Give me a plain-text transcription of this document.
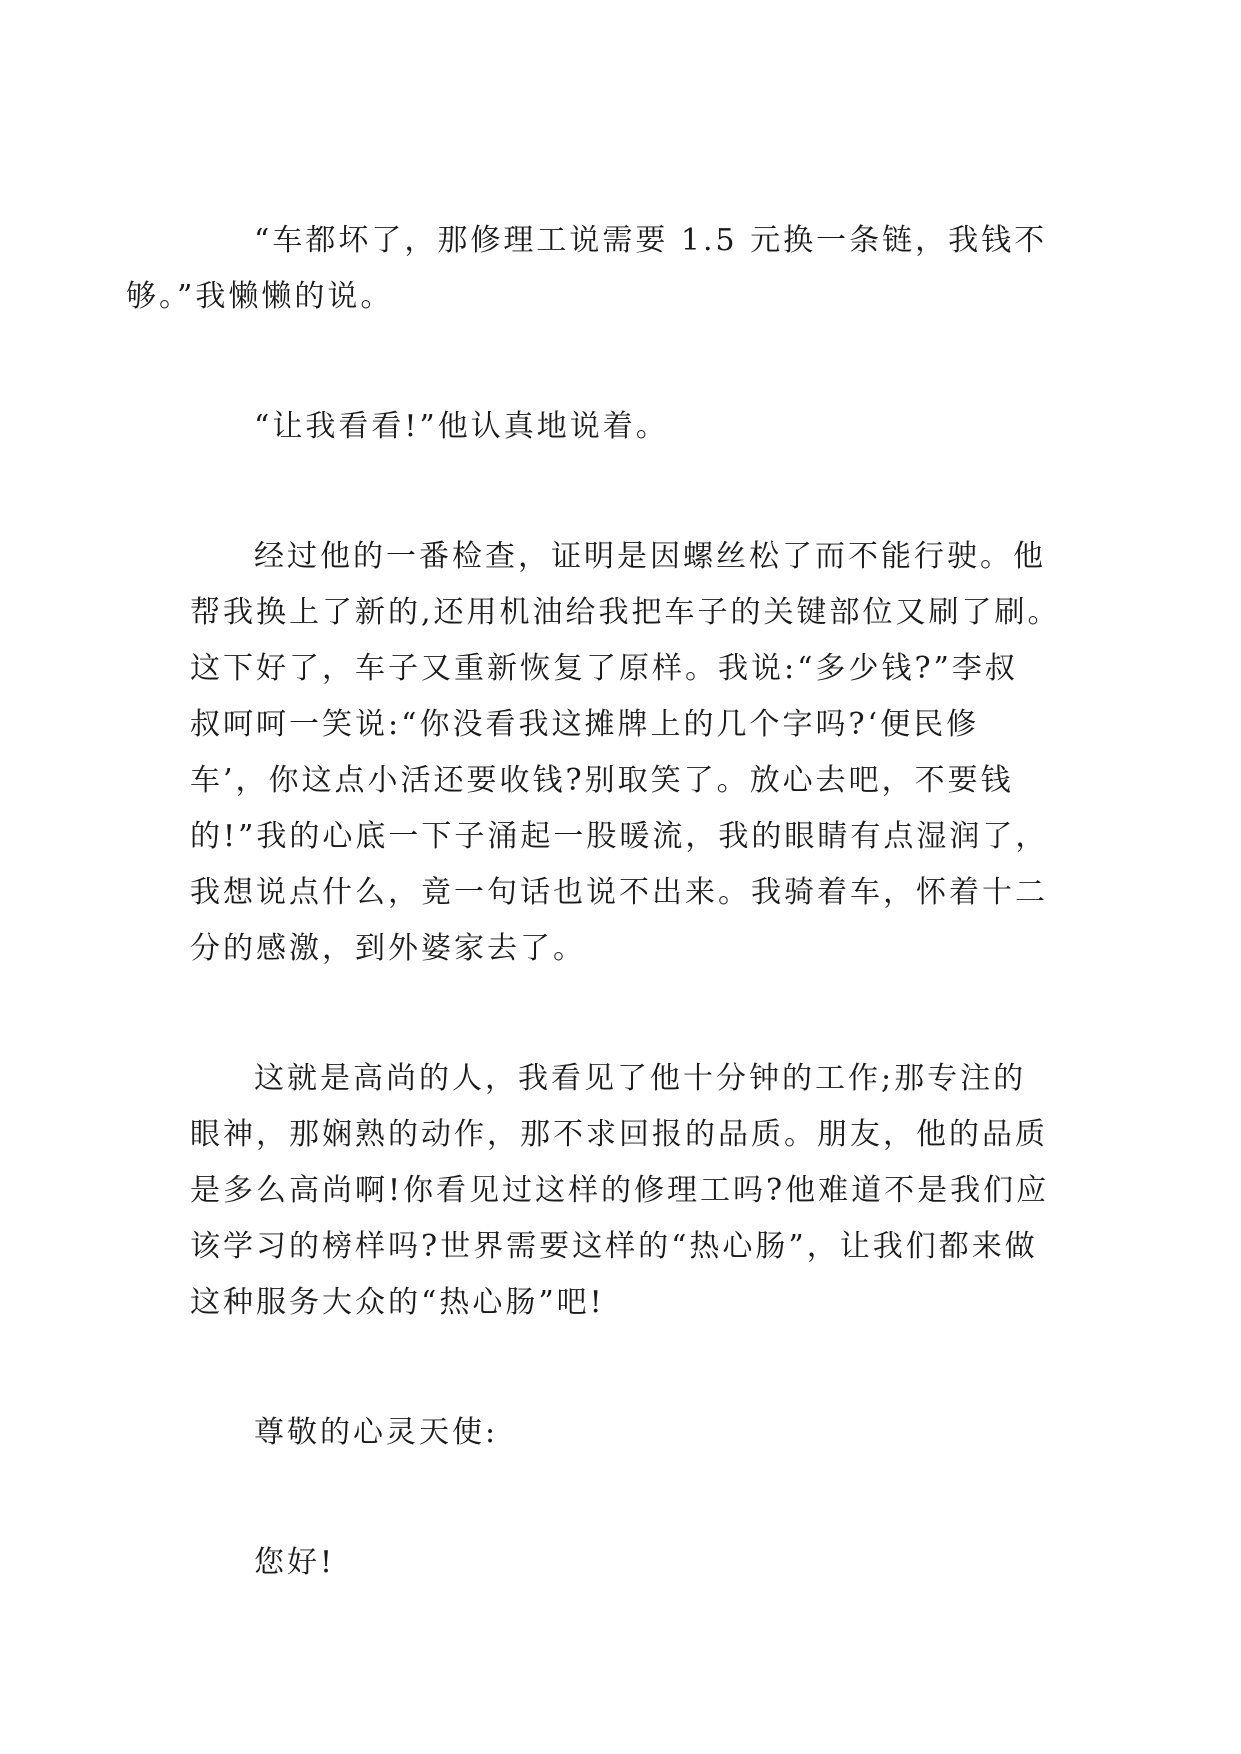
“车都坏了，那修理工说需要 1.5 元换一条链，我钱不
够。”我懒懒的说。

“让我看看!”他认真地说着。

经过他的一番检查，证明是因螺丝松了而不能行驶。他
帮我换上了新的,还用机油给我把车子的关键部位又刷了刷。
这下好了，车子又重新恢复了原样。我说:“多少钱?”李叔
叔呵呵一笑说:“你没看我这摊牌上的几个字吗?‘便民修
车’，你这点小活还要收钱?别取笑了。放心去吧，不要钱
的!”我的心底一下子涌起一股暖流，我的眼睛有点湿润了，
我想说点什么，竟一句话也说不出来。我骑着车，怀着十二
分的感激，到外婆家去了。

这就是高尚的人，我看见了他十分钟的工作;那专注的
眼神，那娴熟的动作，那不求回报的品质。朋友，他的品质
是多么高尚啊!你看见过这样的修理工吗?他难道不是我们应
该学习的榜样吗?世界需要这样的“热心肠”，让我们都来做
这种服务大众的“热心肠”吧!

尊敬的心灵天使:

您好!
